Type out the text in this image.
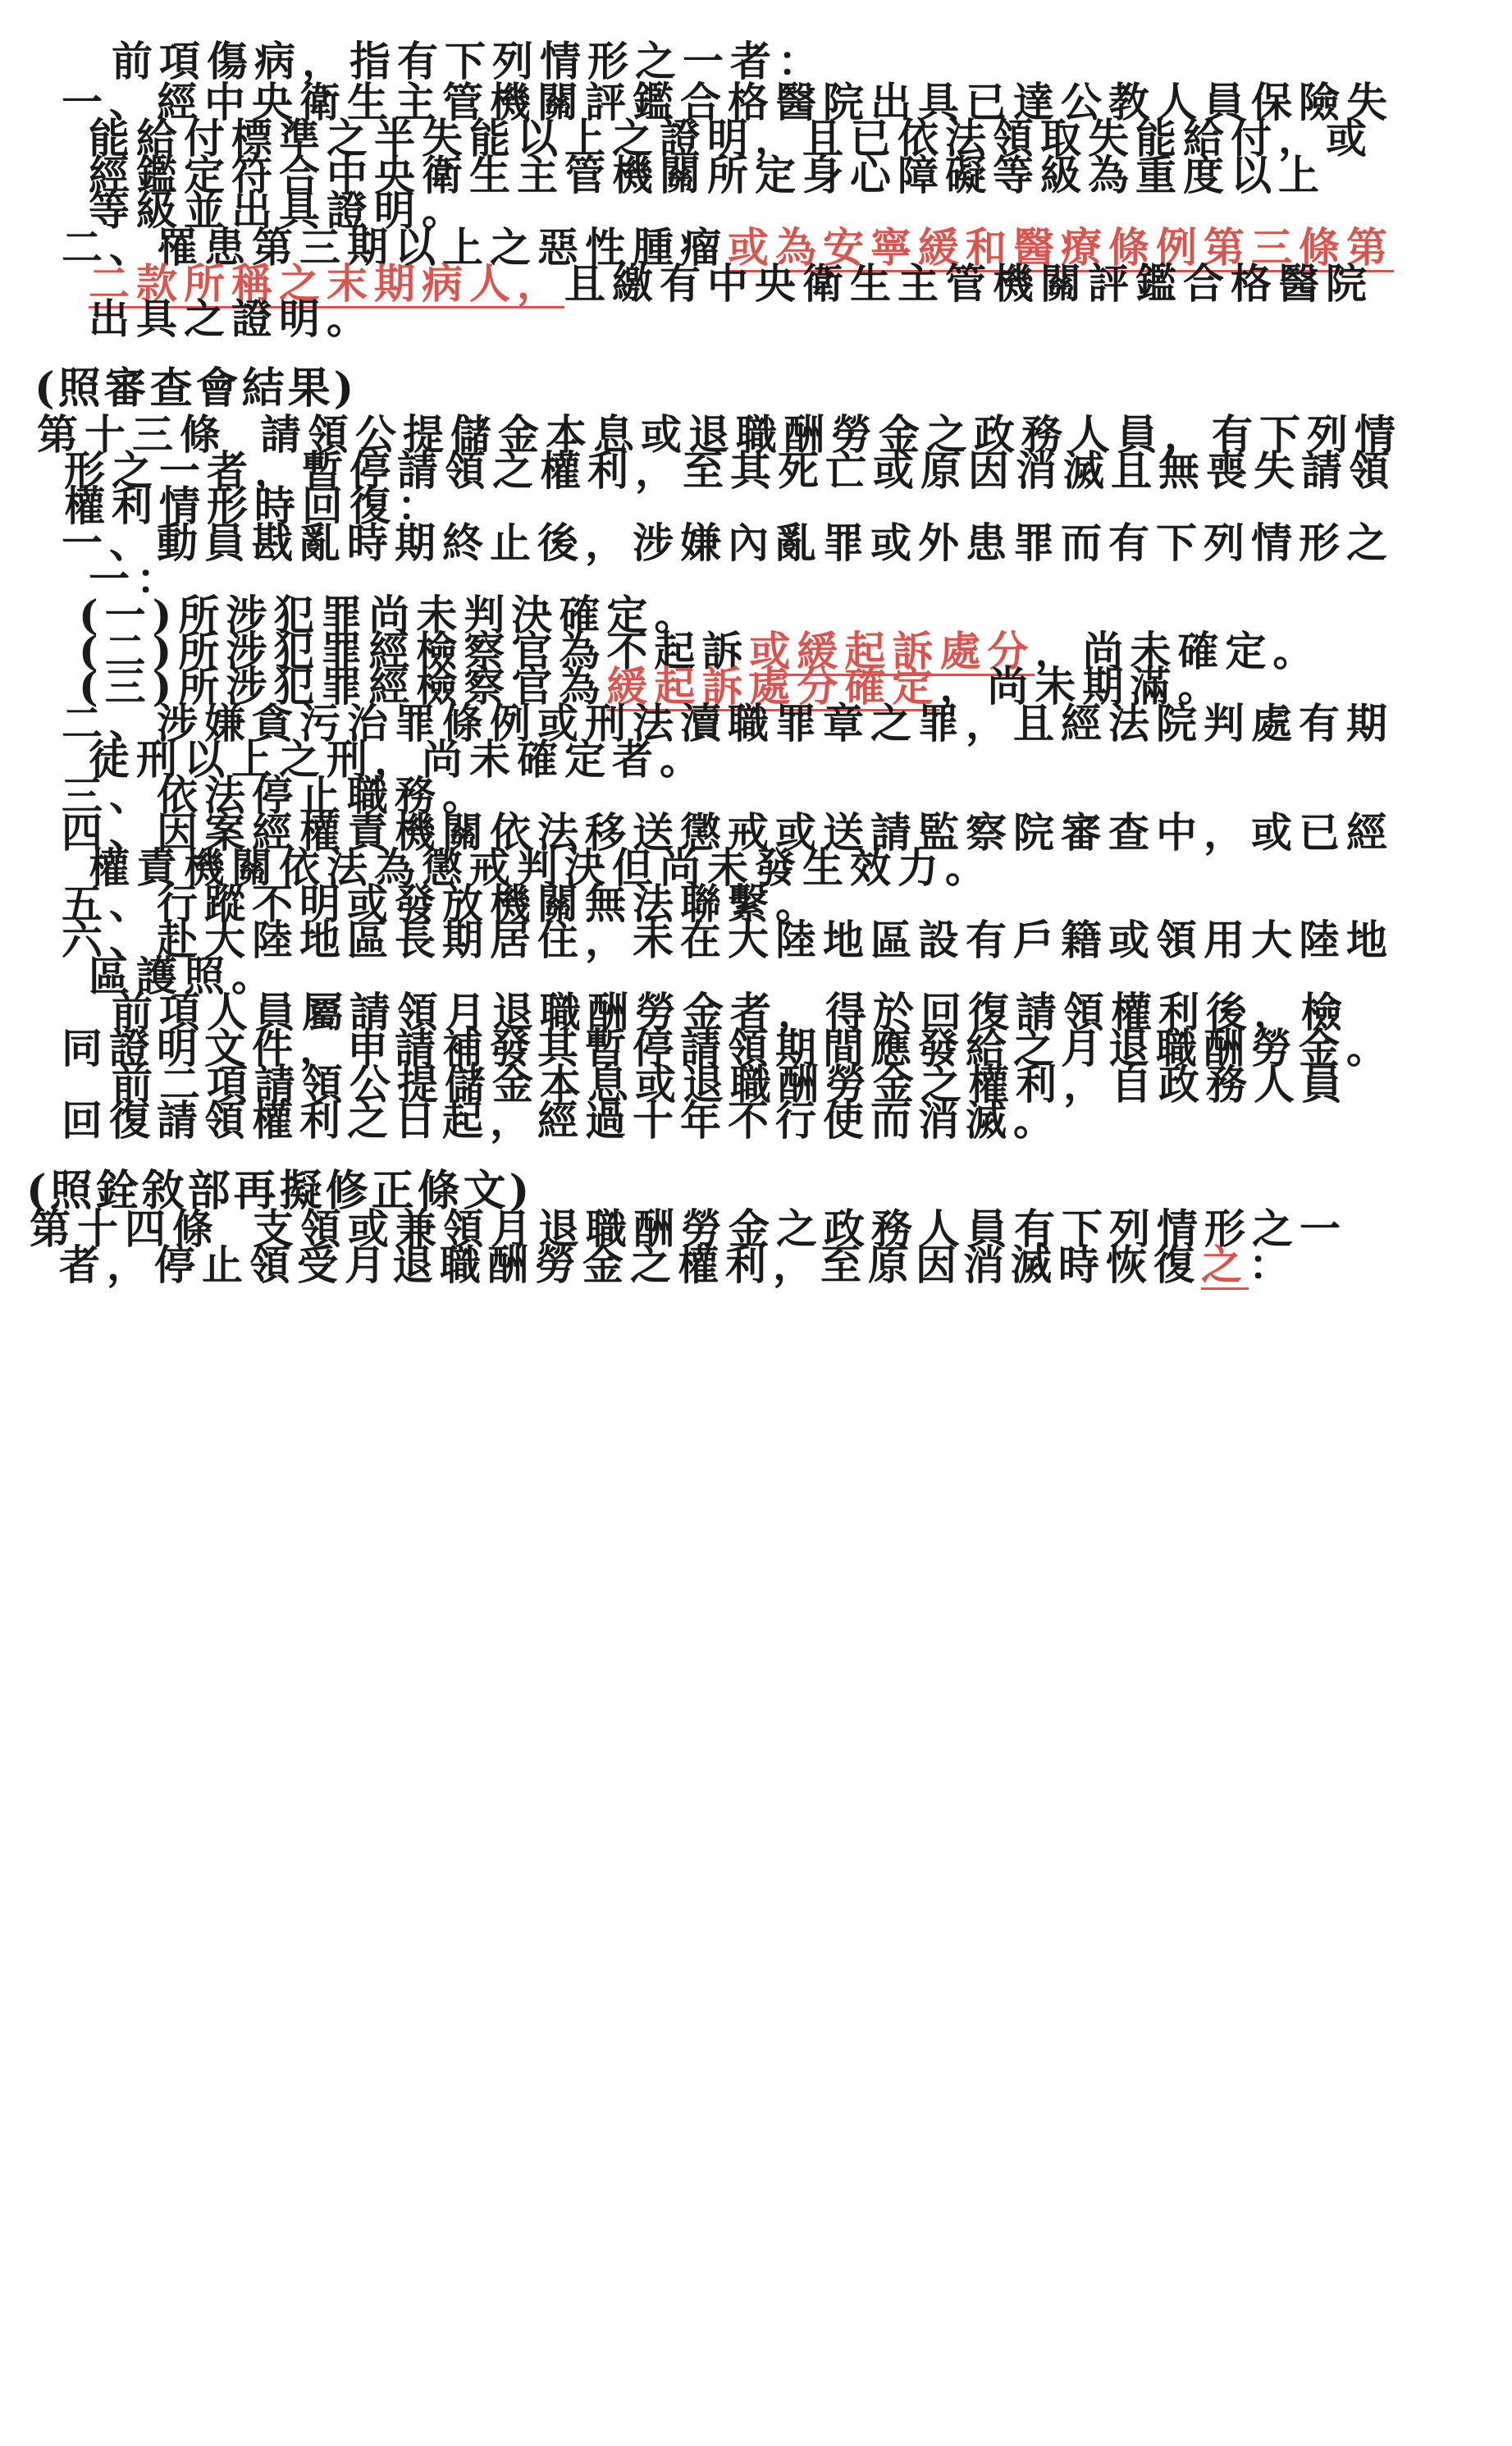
前項傷病，指有下列情形之一者：
一、經中央衛生主管機關評鑑合格醫院出具已達公教人員保險失
能給付標準之半失能以上之證明，且已依法領取失能給付，或
經鑑定符合中央衛生主管機關所定身心障礙等級為重度以上
等級並出具證明。
二、罹患第三期以上之惡性腫瘤或為安寧緩和醫療條例第三條第
二款所稱之末期病人，且繳有中央衛生主管機關評鑑合格醫院
出具之證明。
(照審查會結果)
第十三條 請領公提儲金本息或退職酬勞金之政務人員，有下列情
形之一者，暫停請領之權利，至其死亡或原因消滅且無喪失請領
權利情形時回復：
一、動員戡亂時期終止後，涉嫌內亂罪或外患罪而有下列情形之
一：
(一)所涉犯罪尚未判決確定。
(二)所涉犯罪經檢察官為不起訴或緩起訴處分，尚未確定。
(三)所涉犯罪經檢察官為緩起訴處分確定，尚未期滿。
二、涉嫌貪污治罪條例或刑法瀆職罪章之罪，且經法院判處有期
徒刑以上之刑，尚未確定者。
三、依法停止職務。
四、因案經權責機關依法移送懲戒或送請監察院審查中，或已經
權責機關依法為懲戒判決但尚未發生效力。
五、行蹤不明或發放機關無法聯繫。
六、赴大陸地區長期居住，未在大陸地區設有戶籍或領用大陸地
區護照。
前項人員屬請領月退職酬勞金者，得於回復請領權利後，檢
同證明文件，申請補發其暫停請領期間應發給之月退職酬勞金。
前二項請領公提儲金本息或退職酬勞金之權利，自政務人員
回復請領權利之日起，經過十年不行使而消滅。
(照銓敘部再擬修正條文)
第十四條 支領或兼領月退職酬勞金之政務人員有下列情形之一
者，停止領受月退職酬勞金之權利，至原因消滅時恢復之：
